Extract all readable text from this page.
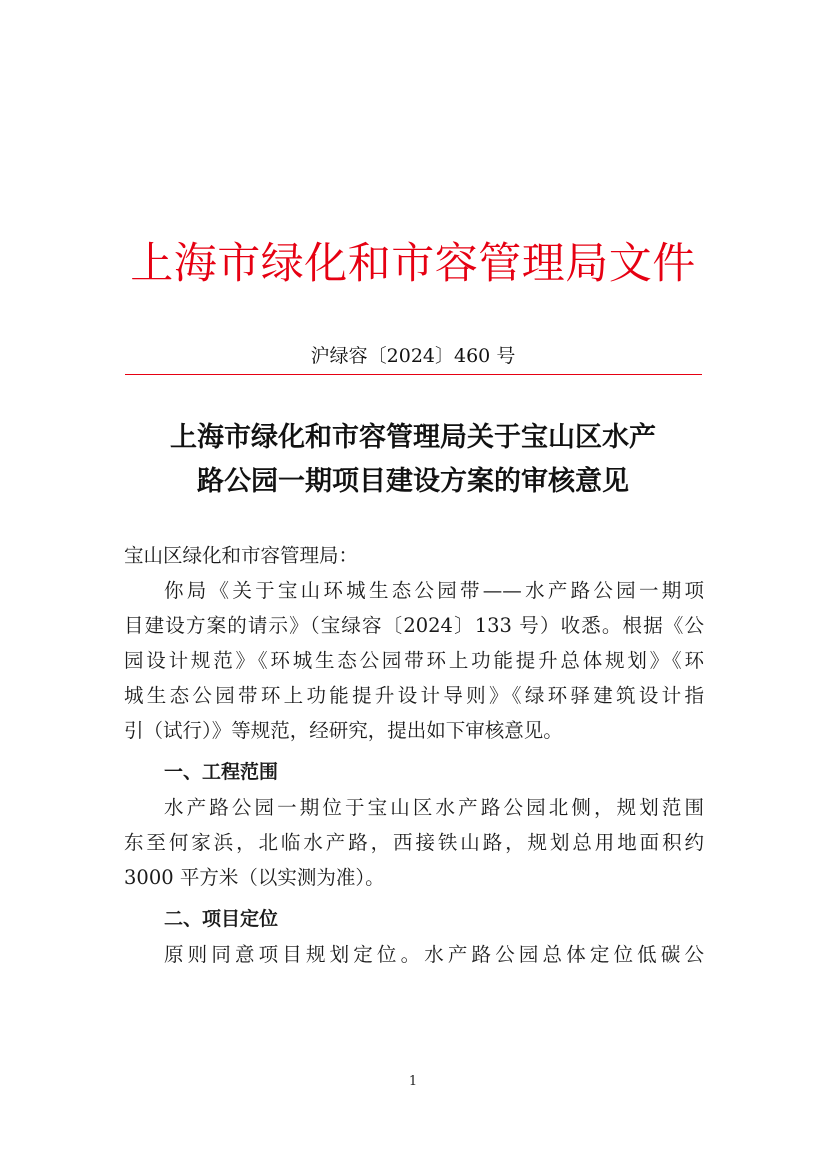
上海市绿化和市容管理局文件
沪绿容〔2024〕460 号
上海市绿化和市容管理局关于宝山区水产
路公园一期项目建设方案的审核意见
宝山区绿化和市容管理局：
你局《关于宝山环城生态公园带——水产路公园一期项
目建设方案的请示》（宝绿容〔2024〕133 号）收悉。根据《公
园设计规范》《环城生态公园带环上功能提升总体规划》《环
城生态公园带环上功能提升设计导则》《绿环驿建筑设计指
引（试行）》等规范，经研究，提出如下审核意见。
一、工程范围
水产路公园一期位于宝山区水产路公园北侧，规划范围
东至何家浜，北临水产路，西接铁山路，规划总用地面积约
3000 平方米（以实测为准）。
二、项目定位
原则同意项目规划定位。水产路公园总体定位低碳公
1
